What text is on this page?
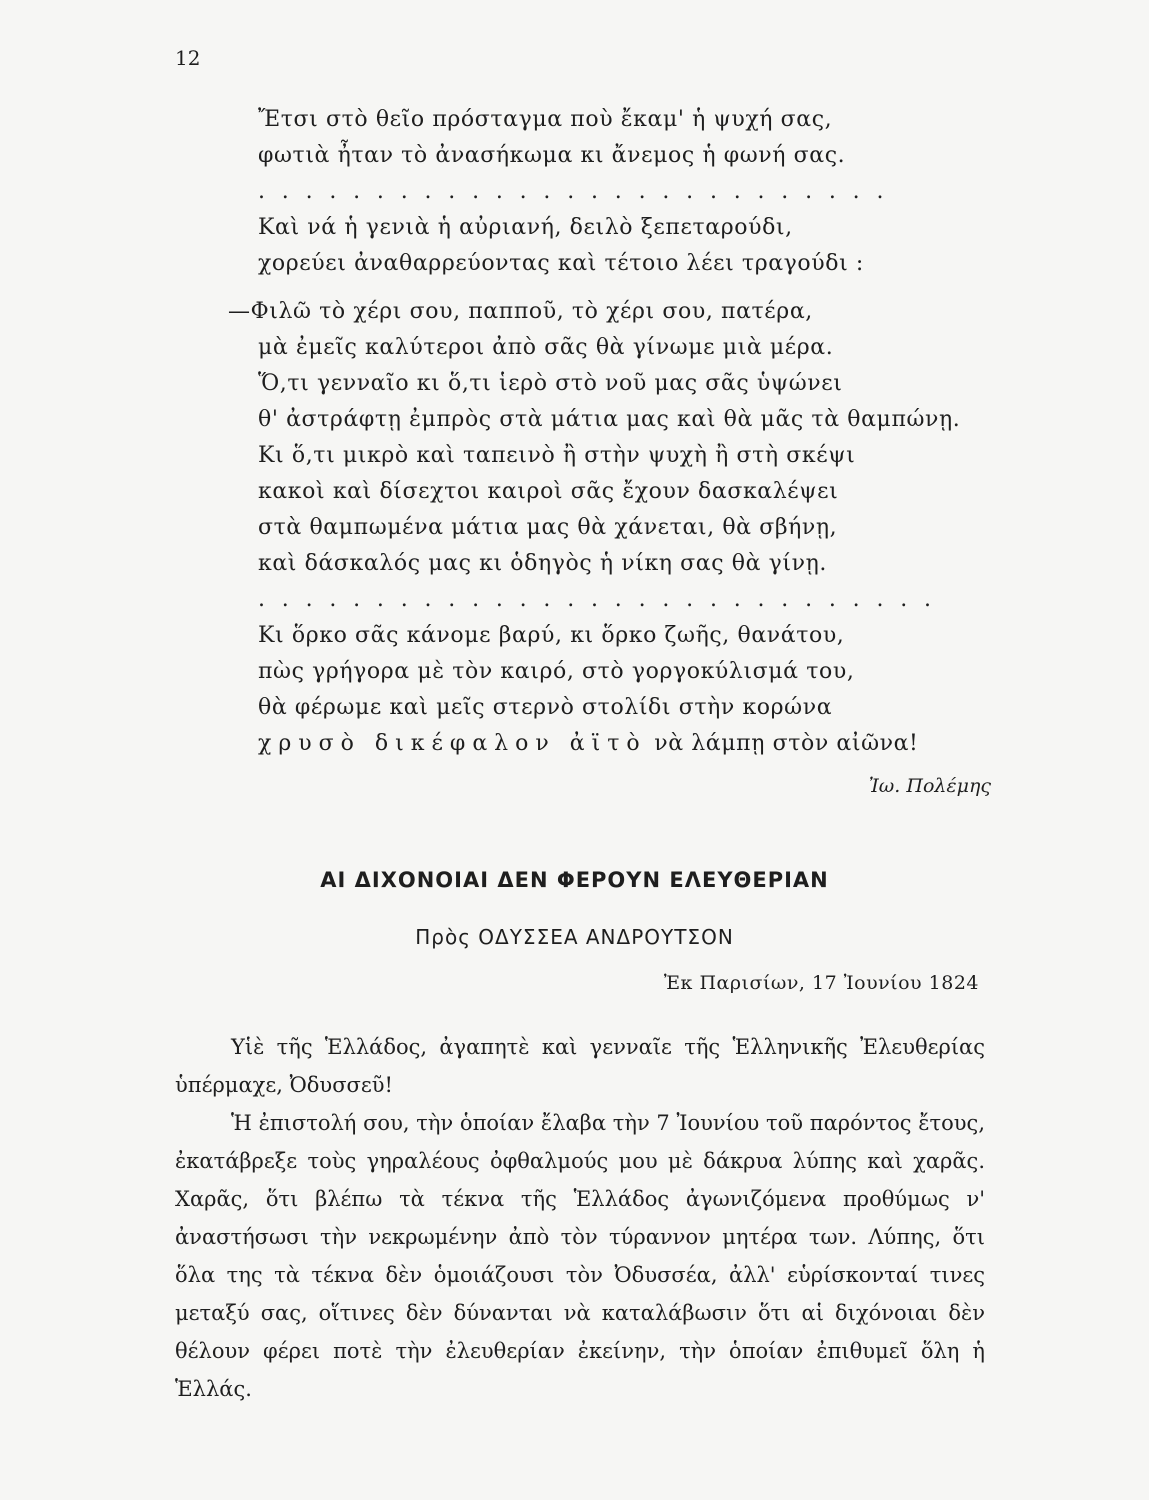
12
Ἔτσι στὸ θεῖο πρόσταγμα ποὺ ἔκαμ' ἡ ψυχή σας,
φωτιὰ ἦταν τὸ ἀνασήκωμα κι ἄνεμος ἡ φωνή σας.
. . . . . . . . . . . . . . . . . . . . . . . . . . .
Καὶ νά ἡ γενιὰ ἡ αὐριανή, δειλὸ ξεπεταρούδι,
χορεύει ἀναθαρρεύοντας καὶ τέτοιο λέει τραγούδι :
—Φιλῶ τὸ χέρι σου, παπποῦ, τὸ χέρι σου, πατέρα,
μὰ ἐμεῖς καλύτεροι ἀπὸ σᾶς θὰ γίνωμε μιὰ μέρα.
Ὅ,τι γενναῖο κι ὅ,τι ἱερὸ στὸ νοῦ μας σᾶς ὑψώνει
θ' ἀστράφτῃ ἐμπρὸς στὰ μάτια μας καὶ θὰ μᾶς τὰ θαμπώνῃ.
Κι ὅ,τι μικρὸ καὶ ταπεινὸ ἢ στὴν ψυχὴ ἢ στὴ σκέψι
κακοὶ καὶ δίσεχτοι καιροὶ σᾶς ἔχουν δασκαλέψει
στὰ θαμπωμένα μάτια μας θὰ χάνεται, θὰ σβήνῃ,
καὶ δάσκαλός μας κι ὁδηγὸς ἡ νίκη σας θὰ γίνῃ.
. . . . . . . . . . . . . . . . . . . . . . . . . . . . .
Κι ὅρκο σᾶς κάνομε βαρύ, κι ὅρκο ζωῆς, θανάτου,
πὼς γρήγορα μὲ τὸν καιρό, στὸ γοργοκύλισμά του,
θὰ φέρωμε καὶ μεῖς στερνὸ στολίδι στὴν κορώνα
χρυσὸ δικέφαλον ἀϊτὸ νὰ λάμπῃ στὸν αἰῶνα!
Ἰω. Πολέμης
ΑΙ ΔΙΧΟΝΟΙΑΙ ΔΕΝ ΦΕΡΟΥΝ ΕΛΕΥΘΕΡΙΑΝ
Πρὸς ΟΔΥΣΣΕΑ ΑΝΔΡΟΥΤΣΟΝ
Ἐκ Παρισίων, 17 Ἰουνίου 1824

Υἱὲ τῆς Ἑλλάδος, ἀγαπητὲ καὶ γενναῖε τῆς Ἑλληνικῆς Ἐλευθερίας ὑπέρμαχε, Ὀδυσσεῦ!

Ἡ ἐπιστολή σου, τὴν ὁποίαν ἔλαβα τὴν 7 Ἰουνίου τοῦ παρόντος ἔτους, ἐκατάβρεξε τοὺς γηραλέους ὀφθαλμούς μου μὲ δάκρυα λύπης καὶ χαρᾶς. Χαρᾶς, ὅτι βλέπω τὰ τέκνα τῆς Ἑλλάδος ἀγωνιζόμενα προθύμως ν' ἀναστήσωσι τὴν νεκρωμένην ἀπὸ τὸν τύραννον μητέρα των. Λύπης, ὅτι ὅλα της τὰ τέκνα δὲν ὁμοιάζουσι τὸν Ὀδυσσέα, ἀλλ' εὑρίσκονταί τινες μεταξύ σας, οἵτινες δὲν δύνανται νὰ καταλάβωσιν ὅτι αἱ διχόνοιαι δὲν θέλουν φέρει ποτὲ τὴν ἐλευθερίαν ἐκείνην, τὴν ὁποίαν ἐπιθυμεῖ ὅλη ἡ Ἑλλάς.
